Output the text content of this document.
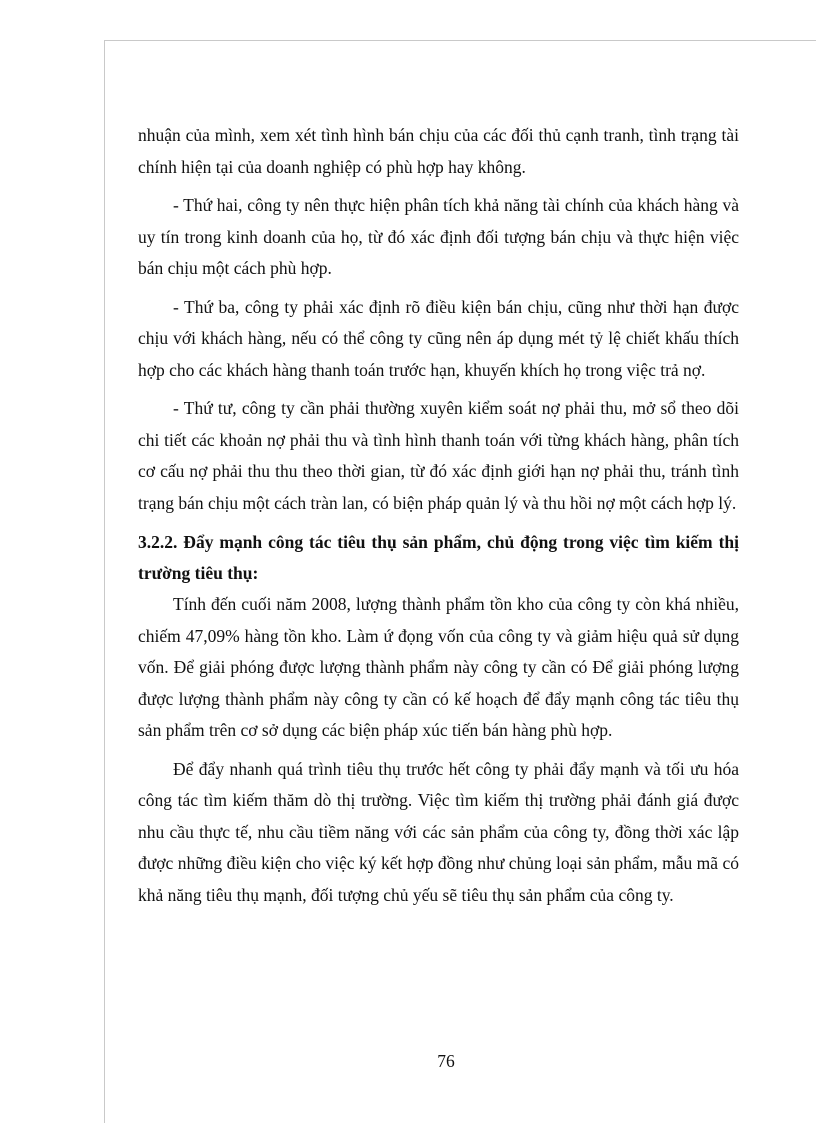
nhuận của mình, xem xét tình hình bán chịu của các đối thủ cạnh tranh, tình trạng tài chính hiện tại của doanh nghiệp có phù hợp hay không.

- Thứ hai, công ty nên thực hiện phân tích khả năng tài chính của khách hàng và uy tín trong kinh doanh của họ, từ đó xác định đối tượng bán chịu và thực hiện việc bán chịu một cách phù hợp.

- Thứ ba, công ty phải xác định rõ điều kiện bán chịu, cũng như thời hạn được chịu với khách hàng, nếu có thể công ty cũng nên áp dụng mét tỷ lệ chiết khấu thích hợp cho các khách hàng thanh toán trước hạn, khuyến khích họ trong việc trả nợ.

- Thứ tư, công ty cần phải thường xuyên kiểm soát nợ phải thu, mở sổ theo dõi chi tiết các khoản nợ phải thu và tình hình thanh toán với từng khách hàng, phân tích cơ cấu nợ phải thu thu theo thời gian, từ đó xác định giới hạn nợ phải thu, tránh tình trạng bán chịu một cách tràn lan, có biện pháp quản lý và thu hồi nợ một cách hợp lý.

3.2.2. Đẩy mạnh công tác tiêu thụ sản phẩm, chủ động trong việc tìm kiếm thị trường tiêu thụ:

Tính đến cuối năm 2008, lượng thành phẩm tồn kho của công ty còn khá nhiều, chiếm 47,09% hàng tồn kho. Làm ứ đọng vốn của công ty và giảm hiệu quả sử dụng vốn. Để giải phóng được lượng thành phẩm này công ty cần có Để giải phóng lượng được lượng thành phẩm này công ty cần có kế hoạch để đẩy mạnh công tác tiêu thụ sản phẩm trên cơ sở dụng các biện pháp xúc tiến bán hàng phù hợp.

Để đẩy nhanh quá trình tiêu thụ trước hết công ty phải đẩy mạnh và tối ưu hóa công tác tìm kiếm thăm dò thị trường. Việc tìm kiếm thị trường phải đánh giá được nhu cầu thực tế, nhu cầu tiềm năng với các sản phẩm của công ty, đồng thời xác lập được những điều kiện cho việc ký kết hợp đồng như chủng loại sản phẩm, mẫu mã có khả năng tiêu thụ mạnh, đối tượng chủ yếu sẽ tiêu thụ sản phẩm của công ty.

76
